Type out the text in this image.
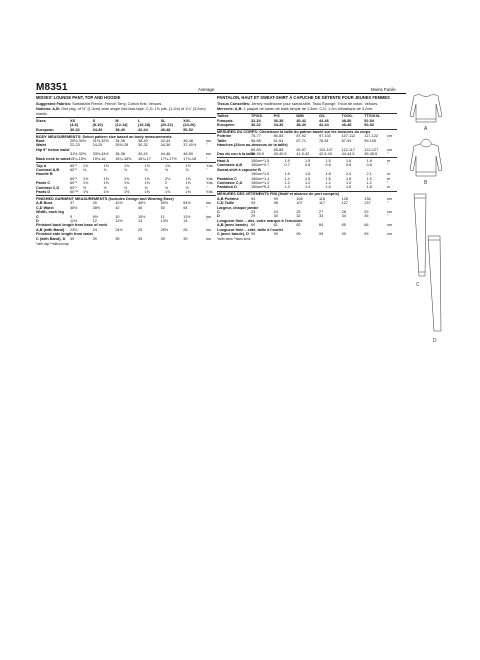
M8351	Average	Moins Facile
MISSES' LOUNGE PANT, TOP AND HOODIE
Suggested Fabrics: Sweatshirt Fleece, French Terry, Cotton Knit, Velours.
Notions: A,B: One pkg. of ½" (1.3cm) wide single fold bias tape. C,D: 1⅝ yds. (1.2m) of 1¼" (3.2cm) elastic.
Sizes	XS	S	M	L	XL	XXL	
	(4-6)	(8-10)	(12-14)	(16-18)	(20-22)	(24-26)	
European	30-32	34-36	38-40	42-44	46-48	50-52	
BODY MEASUREMENTS: Select pattern size based on body measurements
Bust	29½-30½	31½-32½	34-36	38-40	42-44	46-48	ins
Waist	22-23	24-25	26½-28	30-32	34-36	37-41½	"
Hip 9" below waist							
	31½-32½	33½-34½	36-38	40-42	44-46	48-50	ins
Back neck to waist	15¼-15½	15¾-16	16¼-16½	16¾-17	17¼-17½	17¾-18	"
Top A	60"*	1⅝	1⅝	1⅝	1⅝	1⅝	1⅝	Yds.
Contrast A,B	60"*	⅜	⅜	⅜	⅜	⅜	⅜	"
Hoodie B								
	60"*	1⅝	1⅝	1⅝	1⅝	2⅛	1⅝	Yds.
Pants C	60"*	1⅝	1⅝	1⅝	1⅝	2	1⅝	Yds.
Contrast C,D	60"*	½	½	½	½	½	½	"
Pants D	60"**	1½	1½	1½	1⅝	1⅝	1⅝	Yds.
FINISHED GARMENT MEASUREMENTS (Includes Design and Wearing Ease)
A,B Bust	37	39	42½	46½	50½	54½	ins
C,D Waist	36½	38½	42	46	50	54	"
Width, each leg							
C	9	9½	10	10½	11	11½	ins
D	11½	12	12½	13	13½	14	"
Finished back length from base of neck							
A,B (with Band)	23½	24	24½	25	25½	26	ins
Finished side length from waist							
C (with Band), D	39	39	39	39	39	39	ins
*with nap **without nap
PANTALON, HAUT ET SWEAT-SHIRT À CAPUCHE DE DÉTENTE POUR JEUNES FEMMES
Tissus Conseillés: Jersey molletonné pour sweat-shirt, Tissu Éponge, Tricot de coton, Velours.
Mercerie: A,B: 1 paquet de ruban de biais simple de 1.3cm. C,D: 1.2m d'élastique de 3.2cm.
Tailles	TP/XS	P/S	M/M	G/L	TG/XL	TTG/XXL	
Français	32-34	36-38	40-42	44-46	48-50	52-54	
Européen	30-32	34-36	38-40	42-44	46-48	50-52	
MESURES DU CORPS: Choisissez la taille du patron basée sur les mesures du corps
Poitrine	75-77	80-83	87-92	97-102	107-112	117-122	cm
Taille	56-58	61-64	67-71	76-81	87-94	99-105	"
Hanches (23cm au-dessous de la taille)							
	80-83	85-88	92-97	102-107	112-117	122-127	cm
Dos du cou à la taille	39-39.5	40-40.5	41.5-42	42.5-43	44-44.5	45-45.5	"
Haut A	150cm*	1.5	1.5	1.5	1.5	1.6	1.8	m
Contraste A,B	150cm*	0.7	0.7	0.8	0.8	0.8	0.8	"
Sweat-shirt à capuche B								
	150cm*	1.5	1.6	1.6	1.8	2.0	2.1	m
Pantalon C	150cm*	1.4	1.4	1.5	1.6	1.6	1.9	m
Contraste C,D	150cm*	1.2	1.2	1.2	1.2	1.2	1.2	"
Pantalon D	150cm**	1.3	1.3	1.4	1.6	1.6	1.8	m
MESURES DES VÊTEMENTS FINI (Motif et aisance de port compris)
A,B Poitrine	94	99	108	118	128	138	cm
C,D Taille	93	98	107	117	127	137	"
Largeur, chaque jambe							
C	23	24	25	27	28	29	cm
D	29	30	32	33	34	35	"
Longueur finie – dos, votre marque à l'encolure							
A,B (avec bande)	60	61	62	64	65	66	cm
Longueur finie – côté, taille à l'ourlet							
C (avec bande), D	99	99	99	99	99	99	cm
*avec sens **sans sens
A
B
C
D
